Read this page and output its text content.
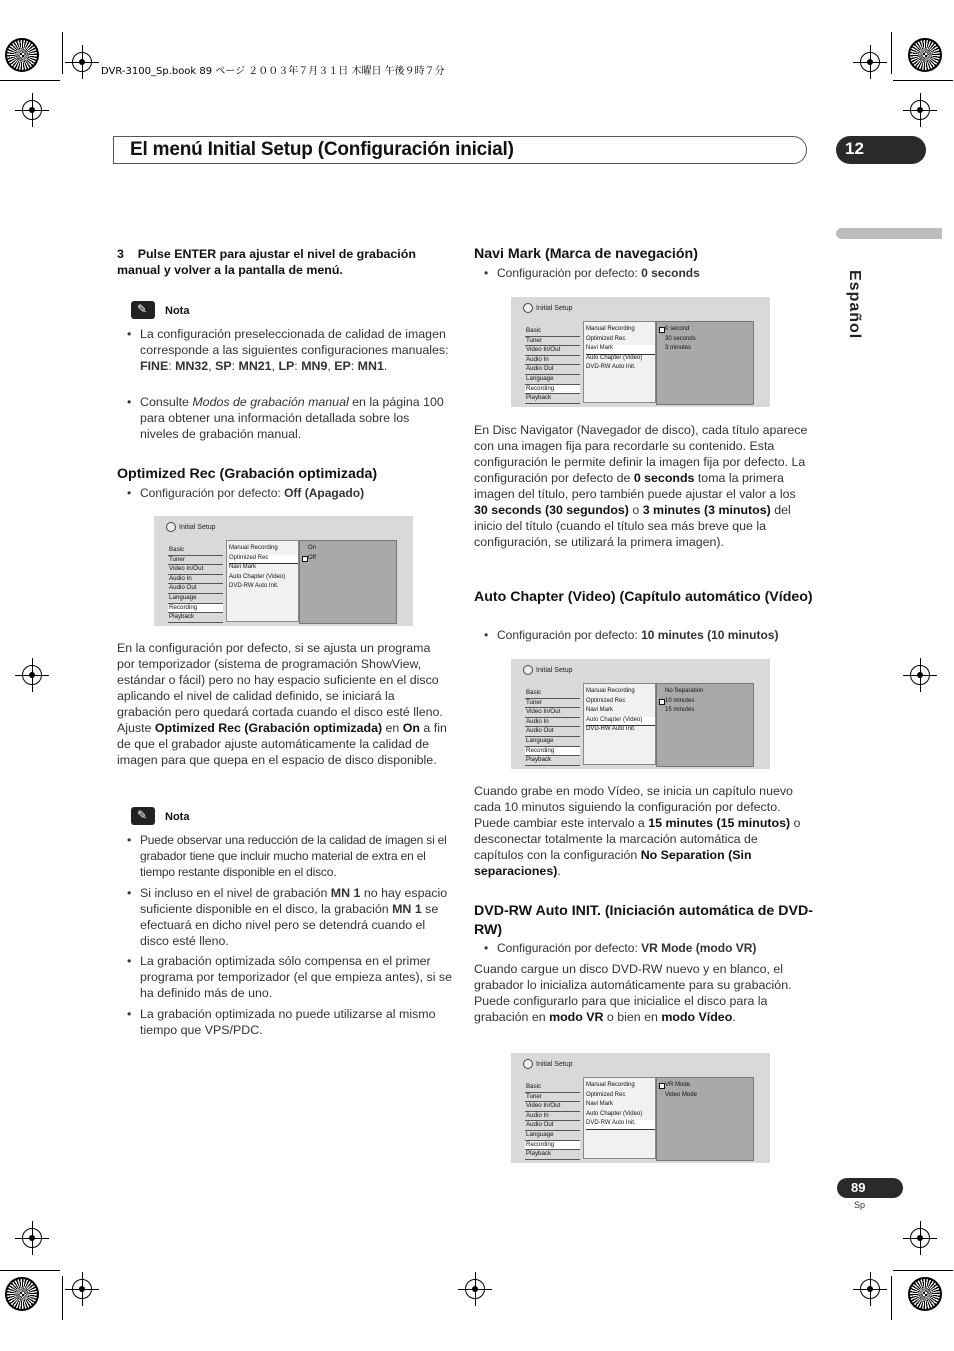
DVR-3100_Sp.book 89 ページ ２００３年７月３１日 木曜日 午後９時７分
El menú Initial Setup (Configuración inicial)	12
Español
3 Pulse ENTER para ajustar el nivel de grabación manual y volver a la pantalla de menú.
✎ Nota
• La configuración preseleccionada de calidad de imagen corresponde a las siguientes configuraciones manuales: FINE: MN32, SP: MN21, LP: MN9, EP: MN1.
• Consulte Modos de grabación manual en la página 100 para obtener una información detallada sobre los niveles de grabación manual.
Optimized Rec (Grabación optimizada)
• Configuración por defecto: Off (Apagado)
Initial Setup
Basic
Tuner
Video In/Out
Audio In
Audio Out
Language
Recording
Playback
Manual Recording
Optimized Rec
Navi Mark
Auto Chapter (Video)
DVD-RW Auto Init.
On
Off
En la configuración por defecto, si se ajusta un programa por temporizador (sistema de programación ShowView, estándar o fácil) pero no hay espacio suficiente en el disco aplicando el nivel de calidad definido, se iniciará la grabación pero quedará cortada cuando el disco esté lleno. Ajuste Optimized Rec (Grabación optimizada) en On a fin de que el grabador ajuste automáticamente la calidad de imagen para que quepa en el espacio de disco disponible.
✎ Nota
• Puede observar una reducción de la calidad de imagen si el grabador tiene que incluir mucho material de extra en el tiempo restante disponible en el disco.
• Si incluso en el nivel de grabación MN 1 no hay espacio suficiente disponible en el disco, la grabación MN 1 se efectuará en dicho nivel pero se detendrá cuando el disco esté lleno.
• La grabación optimizada sólo compensa en el primer programa por temporizador (el que empieza antes), si se ha definido más de uno.
• La grabación optimizada no puede utilizarse al mismo tiempo que VPS/PDC.
Navi Mark (Marca de navegación)
• Configuración por defecto: 0 seconds
Initial Setup
Basic
Tuner
Video In/Out
Audio In
Audio Out
Language
Recording
Playback
Manual Recording
Optimized Rec
Navi Mark
Auto Chapter (Video)
DVD-RW Auto Init.
0 second
30 seconds
3 minutes
En Disc Navigator (Navegador de disco), cada título aparece con una imagen fija para recordarle su contenido. Esta configuración le permite definir la imagen fija por defecto. La configuración por defecto de 0 seconds toma la primera imagen del título, pero también puede ajustar el valor a los 30 seconds (30 segundos) o 3 minutes (3 minutos) del inicio del título (cuando el título sea más breve que la configuración, se utilizará la primera imagen).
Auto Chapter (Video) (Capítulo automático (Vídeo)
• Configuración por defecto: 10 minutes (10 minutos)
Initial Setup
Basic
Tuner
Video In/Out
Audio In
Audio Out
Language
Recording
Playback
Manual Recording
Optimized Rec
Navi Mark
Auto Chapter (Video)
DVD-RW Auto Init.
No Separation
10 minutes
15 minutes
Cuando grabe en modo Vídeo, se inicia un capítulo nuevo cada 10 minutos siguiendo la configuración por defecto. Puede cambiar este intervalo a 15 minutes (15 minutos) o desconectar totalmente la marcación automática de capítulos con la configuración No Separation (Sin separaciones).
DVD-RW Auto INIT. (Iniciación automática de DVD-RW)
• Configuración por defecto: VR Mode (modo VR)
Cuando cargue un disco DVD-RW nuevo y en blanco, el grabador lo inicializa automáticamente para su grabación. Puede configurarlo para que inicialice el disco para la grabación en modo VR o bien en modo Vídeo.
Initial Setup
Basic
Tuner
Video In/Out
Audio In
Audio Out
Language
Recording
Playback
Manual Recording
Optimized Rec
Navi Mark
Auto Chapter (Video)
DVD-RW Auto Init.
VR Mode
Video Mode
89
Sp
